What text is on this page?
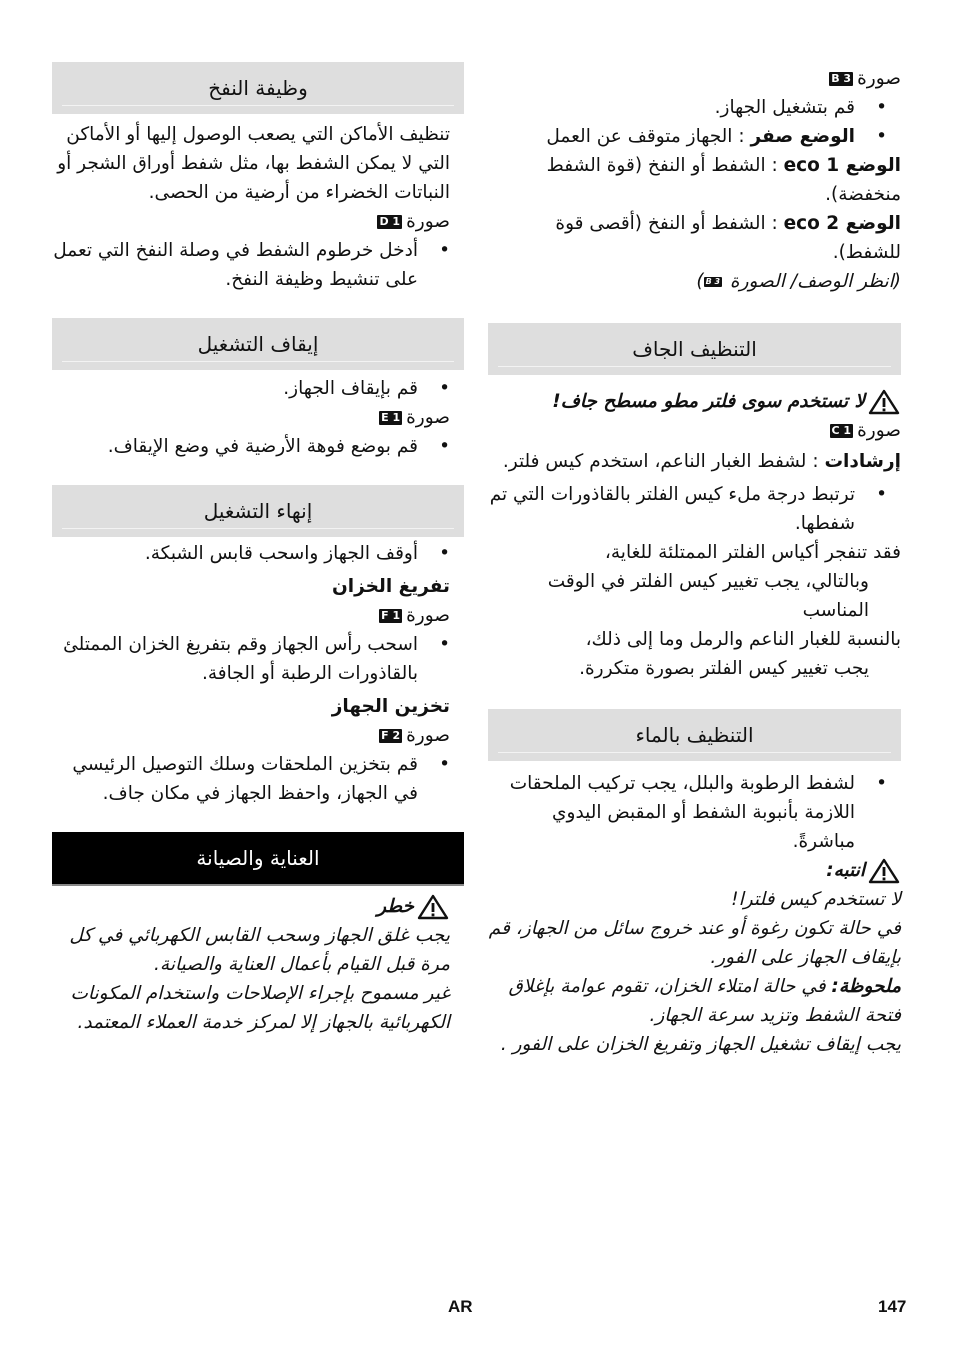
صورة
B 3

• قم بتشغيل الجهاز.

• الوضع صفر : الجهاز متوقف عن العمل

الوضع eco 1 : الشفط أو النفخ (قوة الشفط منخفضة).

الوضع eco 2 : الشفط أو النفخ (أقصى قوة للشفط).

(انظر الوصف/ الصورة B 3)

التنظيف الجاف

لا تستخدم سوى فلتر مطو مسطح جاف!

صورة
C 1

إرشادات : لشفط الغبار الناعم، استخدم كيس فلتر.

• ترتبط درجة ملء كيس الفلتر بالقاذورات التي تم شفطها.

فقد تنفجر أكياس الفلتر الممتلئة للغاية،

وبالتالي، يجب تغيير كيس الفلتر في الوقت المناسب

بالنسبة للغبار الناعم والرمل وما إلى ذلك،

يجب تغيير كيس الفلتر بصورة متكررة.

التنظيف بالماء

• لشفط الرطوبة والبلل، يجب تركيب الملحقات اللازمة بأنبوبة الشفط أو المقبض اليدوي مباشرةً.

انتبه:

لا تستخدم كيس فلترا!

في حالة تكون رغوة أو عند خروج سائل من الجهاز، قم بإيقاف الجهاز على الفور.

ملحوظة: في حالة امتلاء الخزان، تقوم عوامة بإغلاق فتحة الشفط وتزيد سرعة الجهاز.

يجب إيقاف تشغيل الجهاز وتفريغ الخزان على الفور .

وظيفة النفخ

تنظيف الأماكن التي يصعب الوصول إليها أو الأماكن التي لا يمكن الشفط بها، مثل شفط أوراق الشجر أو النباتات الخضراء من أرضية من الحصى.

صورة
D 1

• أدخل خرطوم الشفط في وصلة النفخ التي تعمل على تنشيط وظيفة النفخ.

إيقاف التشغيل

• قم بإيقاف الجهاز.

صورة
E 1

• قم بوضع فوهة الأرضية في وضع الإيقاف.

إنهاء التشغيل

• أوقف الجهاز واسحب قابس الشبكة.

تفريغ الخزان

صورة
F 1

• اسحب رأس الجهاز وقم بتفريغ الخزان الممتلئ بالقاذورات الرطبة أو الجافة.

تخزين الجهاز

صورة
F 2

• قم بتخزين الملحقات وسلك التوصيل الرئيسي في الجهاز، واحفظ الجهاز في مكان جاف.

العناية والصيانة

خطر

يجب غلق الجهاز وسحب القابس الكهربائي في كل مرة قبل القيام بأعمال العناية والصيانة.

غير مسموح بإجراء الإصلاحات واستخدام المكونات الكهربائية بالجهاز إلا لمركز خدمة العملاء المعتمد.

AR	147
